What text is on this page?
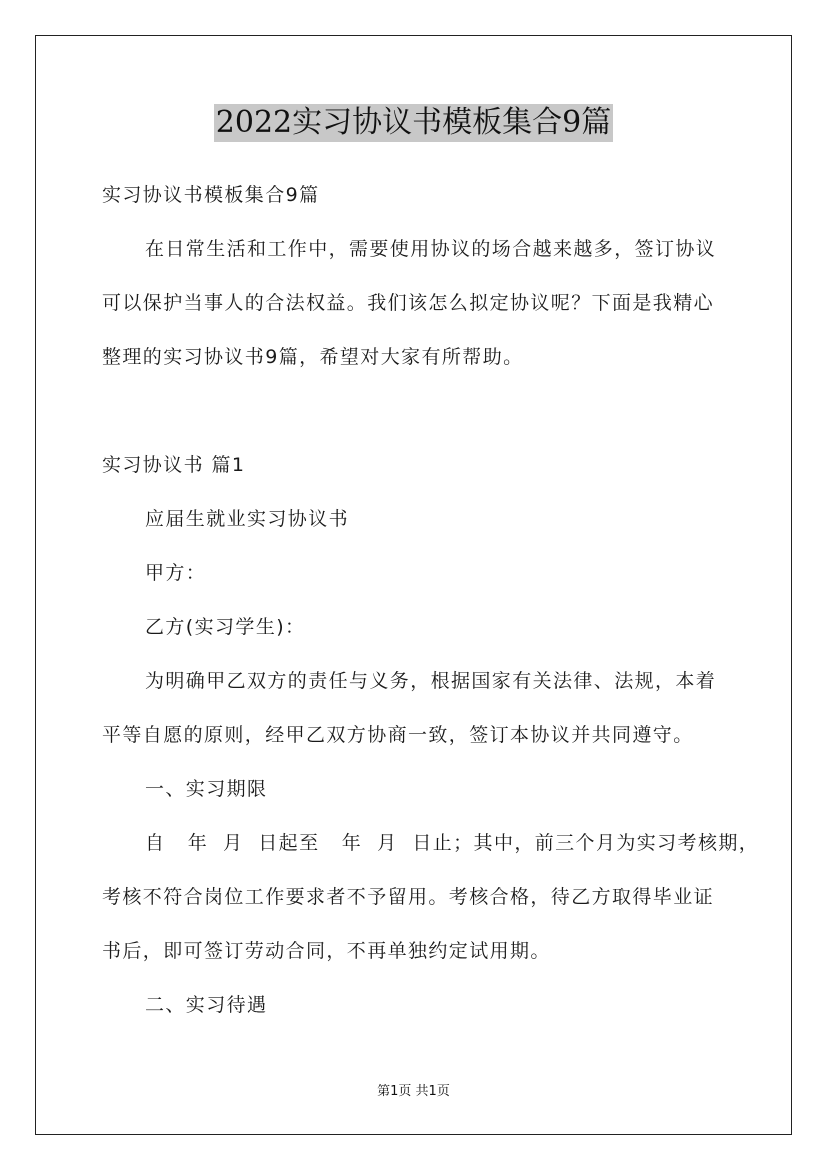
2022实习协议书模板集合9篇
实习协议书模板集合9篇
在日常生活和工作中，需要使用协议的场合越来越多，签订协议
可以保护当事人的合法权益。我们该怎么拟定协议呢？下面是我精心
整理的实习协议书9篇，希望对大家有所帮助。
实习协议书 篇1
应届生就业实习协议书
甲方：
乙方(实习学生)：
为明确甲乙双方的责任与义务，根据国家有关法律、法规，本着
平等自愿的原则，经甲乙双方协商一致，签订本协议并共同遵守。
一、实习期限
自   年  月  日起至   年  月  日止；其中，前三个月为实习考核期，
考核不符合岗位工作要求者不予留用。考核合格，待乙方取得毕业证
书后，即可签订劳动合同，不再单独约定试用期。
二、实习待遇
第1页 共1页
